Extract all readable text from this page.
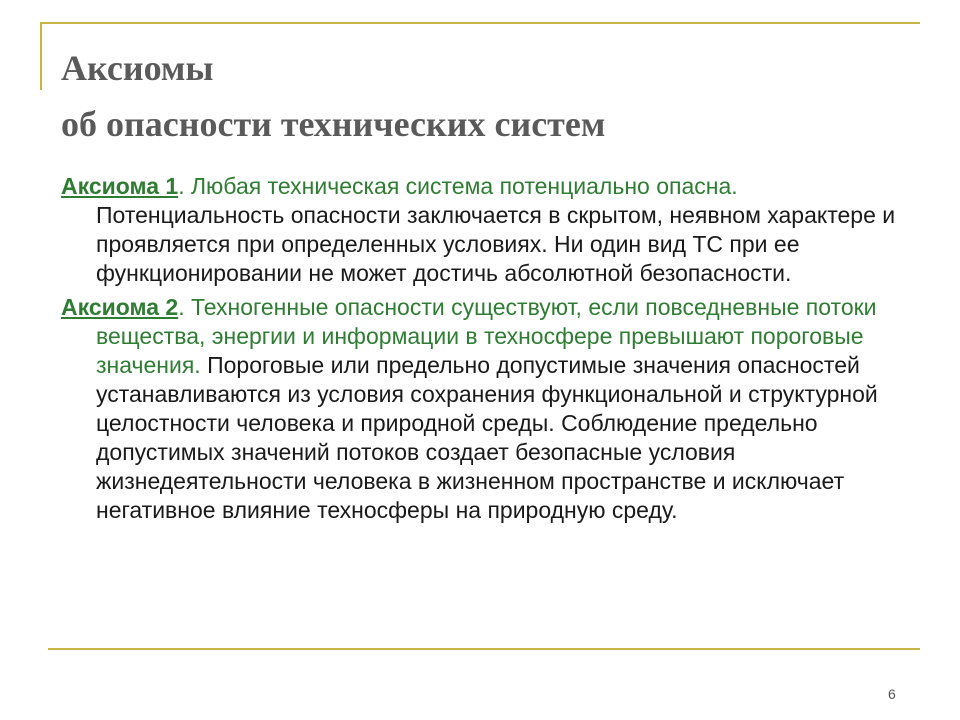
Аксиомы
об опасности технических систем

Аксиома 1. Любая техническая система потенциально опасна. Потенциальность опасности заключается в скрытом, неявном характере и проявляется при определенных условиях. Ни один вид ТС при ее функционировании не может достичь абсолютной безопасности.

Аксиома 2. Техногенные опасности существуют, если повседневные потоки вещества, энергии и информации в техносфере превышают пороговые значения. Пороговые или предельно допустимые значения опасностей устанавливаются из условия сохранения функциональной и структурной целостности человека и природной среды. Соблюдение предельно допустимых значений потоков создает безопасные условия жизнедеятельности человека в жизненном пространстве и исключает негативное влияние техносферы на природную среду.

6
